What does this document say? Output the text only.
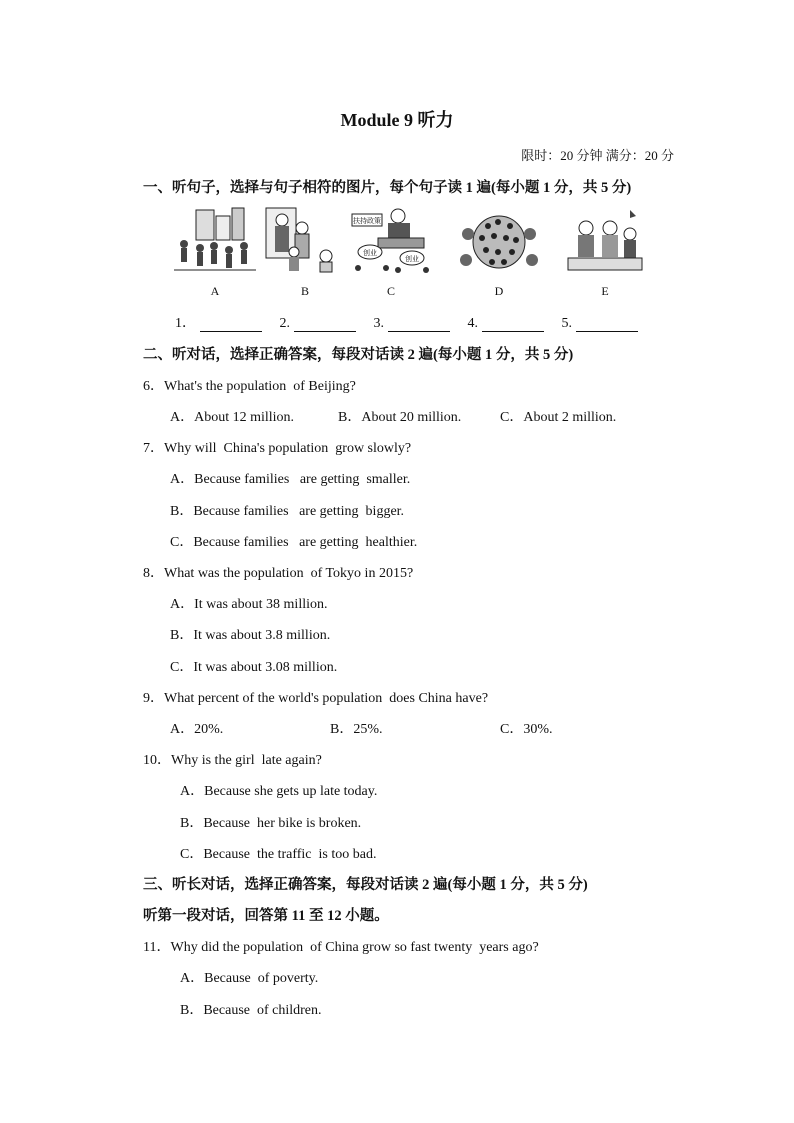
Module 9 听力
限时：20 分钟 满分：20 分
一、听句子，选择与句子相符的图片，每个句子读 1 遍(每小题 1 分，共 5 分)
A	B
扶持政策
创业
创业
C	D	E
1．	2.	3.	4.	5.
二、听对话，选择正确答案，每段对话读 2 遍(每小题 1 分，共 5 分)
6．What's the population  of Beijing?
A．About 12 million.	B．About 20 million.	C．About 2 million.
7．Why will  China's population  grow slowly?
A．Because families   are getting  smaller.
B．Because families   are getting  bigger.
C．Because families   are getting  healthier.
8．What was the population  of Tokyo in 2015?
A．It was about 38 million.
B．It was about 3.8 million.
C．It was about 3.08 million.
9．What percent of the world's population  does China have?
A．20%.	B．25%.	C．30%.
10．Why is the girl  late again?
A．Because she gets up late today.
B．Because  her bike is broken.
C．Because  the traffic  is too bad.
三、听长对话，选择正确答案，每段对话读 2 遍(每小题 1 分，共 5 分)
听第一段对话，回答第 11 至 12 小题。
11．Why did the population  of China grow so fast twenty  years ago?
A．Because  of poverty.
B．Because  of children.
